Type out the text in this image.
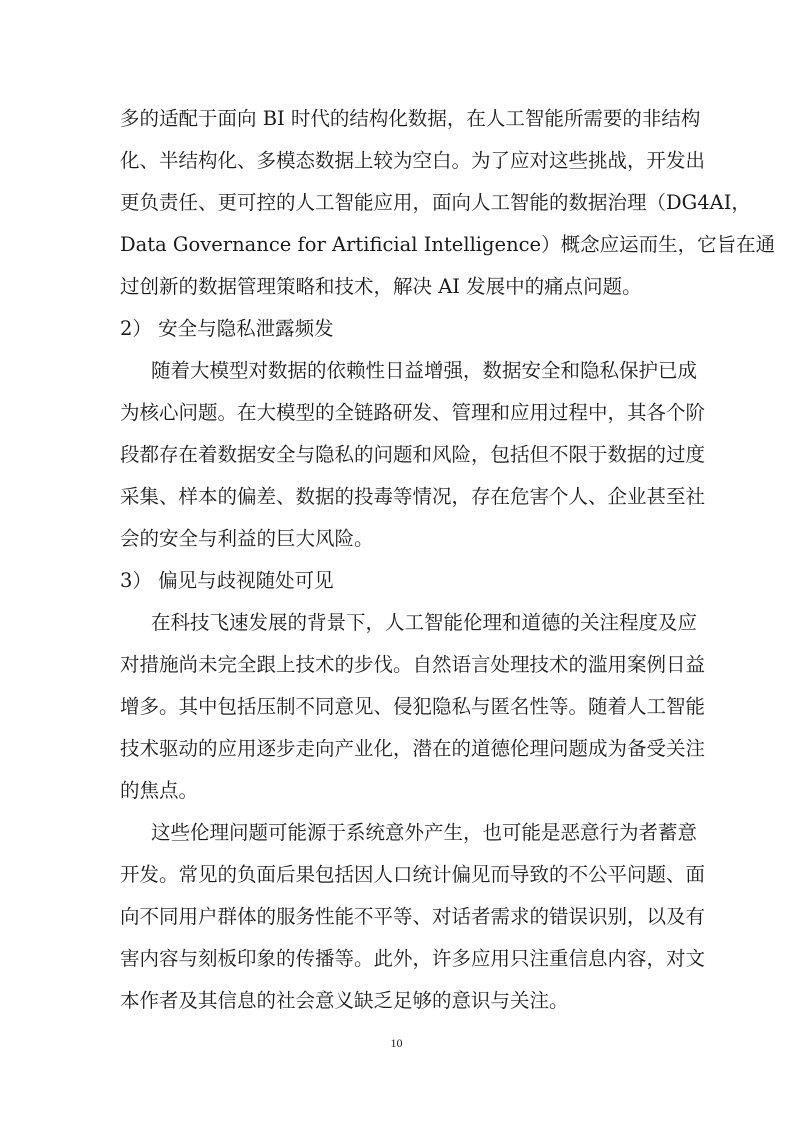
多的适配于面向 BI 时代的结构化数据，在人工智能所需要的非结构
化、半结构化、多模态数据上较为空白。为了应对这些挑战，开发出
更负责任、更可控的人工智能应用，面向人工智能的数据治理（DG4AI，
Data Governance for Artificial Intelligence）概念应运而生，它旨在通
过创新的数据管理策略和技术，解决 AI 发展中的痛点问题。
2） 安全与隐私泄露频发
随着大模型对数据的依赖性日益增强，数据安全和隐私保护已成
为核心问题。在大模型的全链路研发、管理和应用过程中，其各个阶
段都存在着数据安全与隐私的问题和风险，包括但不限于数据的过度
采集、样本的偏差、数据的投毒等情况，存在危害个人、企业甚至社
会的安全与利益的巨大风险。
3） 偏见与歧视随处可见
在科技飞速发展的背景下，人工智能伦理和道德的关注程度及应
对措施尚未完全跟上技术的步伐。自然语言处理技术的滥用案例日益
增多。其中包括压制不同意见、侵犯隐私与匿名性等。随着人工智能
技术驱动的应用逐步走向产业化，潜在的道德伦理问题成为备受关注
的焦点。
这些伦理问题可能源于系统意外产生，也可能是恶意行为者蓄意
开发。常见的负面后果包括因人口统计偏见而导致的不公平问题、面
向不同用户群体的服务性能不平等、对话者需求的错误识别，以及有
害内容与刻板印象的传播等。此外，许多应用只注重信息内容，对文
本作者及其信息的社会意义缺乏足够的意识与关注。
10
